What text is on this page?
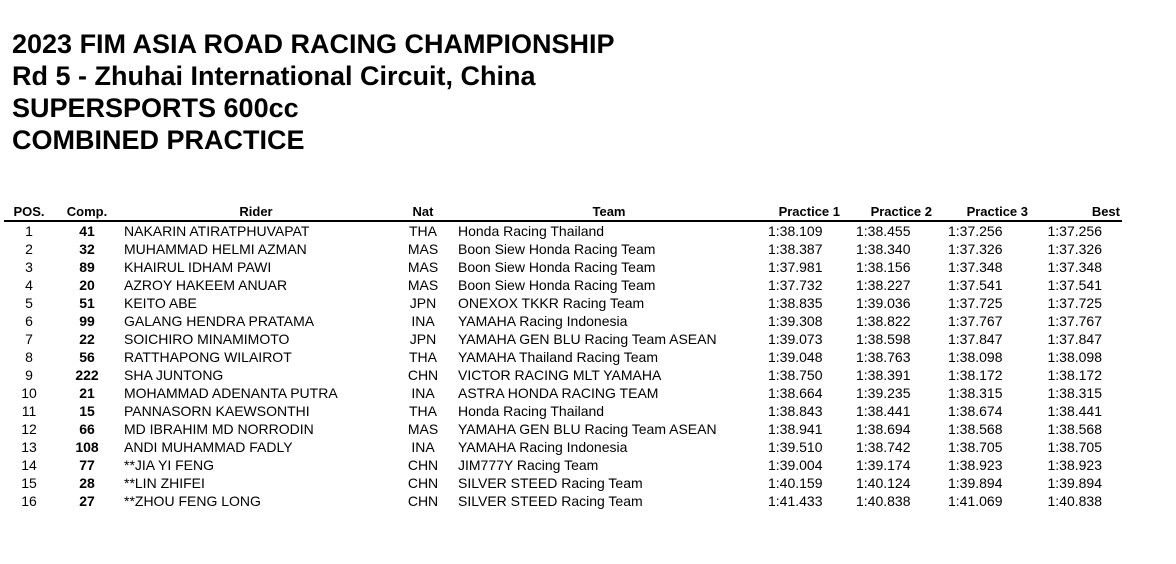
2023 FIM ASIA ROAD RACING CHAMPIONSHIP
Rd 5 - Zhuhai International Circuit, China
SUPERSPORTS 600cc
COMBINED PRACTICE
POS.	Comp.	Rider	Nat	Team	Practice 1	Practice 2	Practice 3	Best
1	41	NAKARIN ATIRATPHUVAPAT	THA	Honda Racing Thailand	1:38.109	1:38.455	1:37.256	1:37.256
2	32	MUHAMMAD HELMI AZMAN	MAS	Boon Siew Honda Racing Team	1:38.387	1:38.340	1:37.326	1:37.326
3	89	KHAIRUL IDHAM PAWI	MAS	Boon Siew Honda Racing Team	1:37.981	1:38.156	1:37.348	1:37.348
4	20	AZROY HAKEEM ANUAR	MAS	Boon Siew Honda Racing Team	1:37.732	1:38.227	1:37.541	1:37.541
5	51	KEITO ABE	JPN	ONEXOX TKKR Racing Team	1:38.835	1:39.036	1:37.725	1:37.725
6	99	GALANG HENDRA PRATAMA	INA	YAMAHA Racing Indonesia	1:39.308	1:38.822	1:37.767	1:37.767
7	22	SOICHIRO MINAMIMOTO	JPN	YAMAHA GEN BLU Racing Team ASEAN	1:39.073	1:38.598	1:37.847	1:37.847
8	56	RATTHAPONG WILAIROT	THA	YAMAHA Thailand Racing Team	1:39.048	1:38.763	1:38.098	1:38.098
9	222	SHA JUNTONG	CHN	VICTOR RACING MLT YAMAHA	1:38.750	1:38.391	1:38.172	1:38.172
10	21	MOHAMMAD ADENANTA PUTRA	INA	ASTRA HONDA RACING TEAM	1:38.664	1:39.235	1:38.315	1:38.315
11	15	PANNASORN KAEWSONTHI	THA	Honda Racing Thailand	1:38.843	1:38.441	1:38.674	1:38.441
12	66	MD IBRAHIM MD NORRODIN	MAS	YAMAHA GEN BLU Racing Team ASEAN	1:38.941	1:38.694	1:38.568	1:38.568
13	108	ANDI MUHAMMAD FADLY	INA	YAMAHA Racing Indonesia	1:39.510	1:38.742	1:38.705	1:38.705
14	77	**JIA YI FENG	CHN	JIM777Y Racing Team	1:39.004	1:39.174	1:38.923	1:38.923
15	28	**LIN ZHIFEI	CHN	SILVER STEED Racing Team	1:40.159	1:40.124	1:39.894	1:39.894
16	27	**ZHOU FENG LONG	CHN	SILVER STEED Racing Team	1:41.433	1:40.838	1:41.069	1:40.838
